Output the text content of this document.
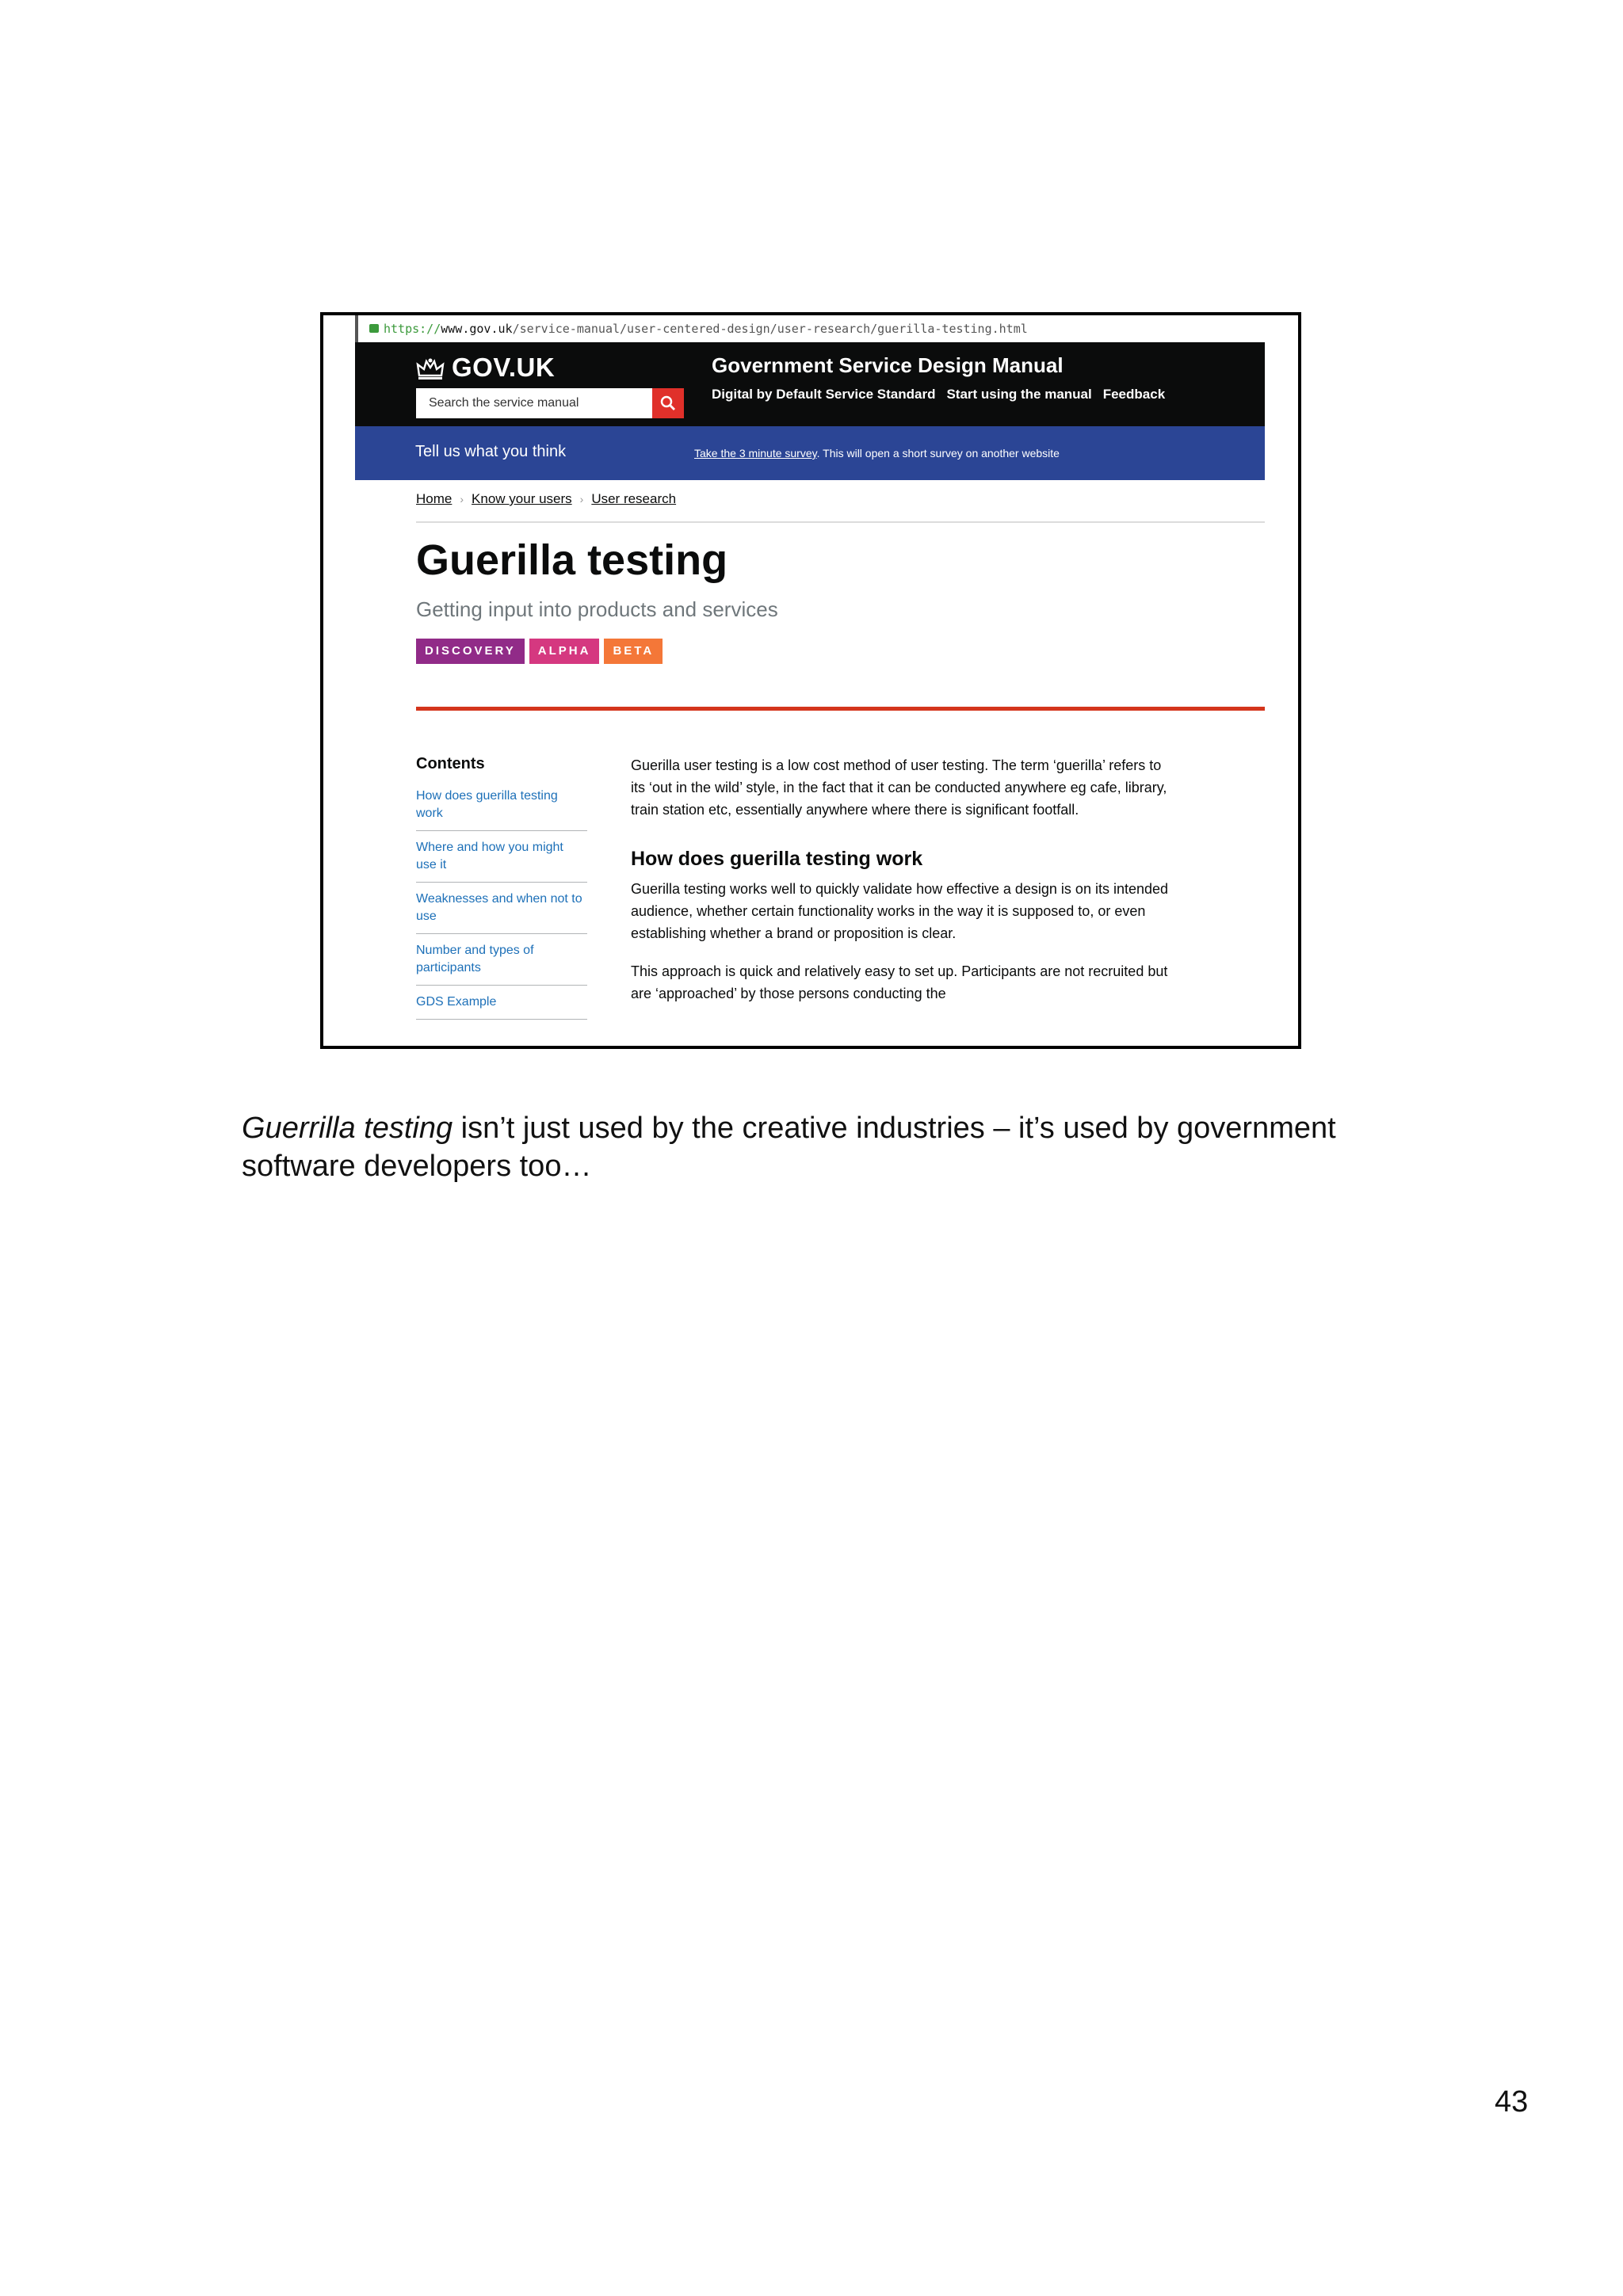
https://www.gov.uk/service-manual/user-centered-design/user-research/guerilla-testing.html
GOV.UK
Search the service manual
Government Service Design Manual
Digital by Default Service Standard Start using the manual Feedback
Tell us what you think	Take the 3 minute survey. This will open a short survey on another website
Home › Know your users › User research
Guerilla testing
Getting input into products and services
DISCOVERY ALPHA BETA
Contents
How does guerilla testing work
Where and how you might use it
Weaknesses and when not to use
Number and types of participants
GDS Example

Guerilla user testing is a low cost method of user testing. The term ‘guerilla’ refers to its ‘out in the wild’ style, in the fact that it can be conducted anywhere eg cafe, library, train station etc, essentially anywhere where there is significant footfall.

How does guerilla testing work

Guerilla testing works well to quickly validate how effective a design is on its intended audience, whether certain functionality works in the way it is supposed to, or even establishing whether a brand or proposition is clear.

This approach is quick and relatively easy to set up. Participants are not recruited but are ‘approached’ by those persons conducting the

Guerrilla testing isn’t just used by the creative industries – it’s used by government software developers too…
43
